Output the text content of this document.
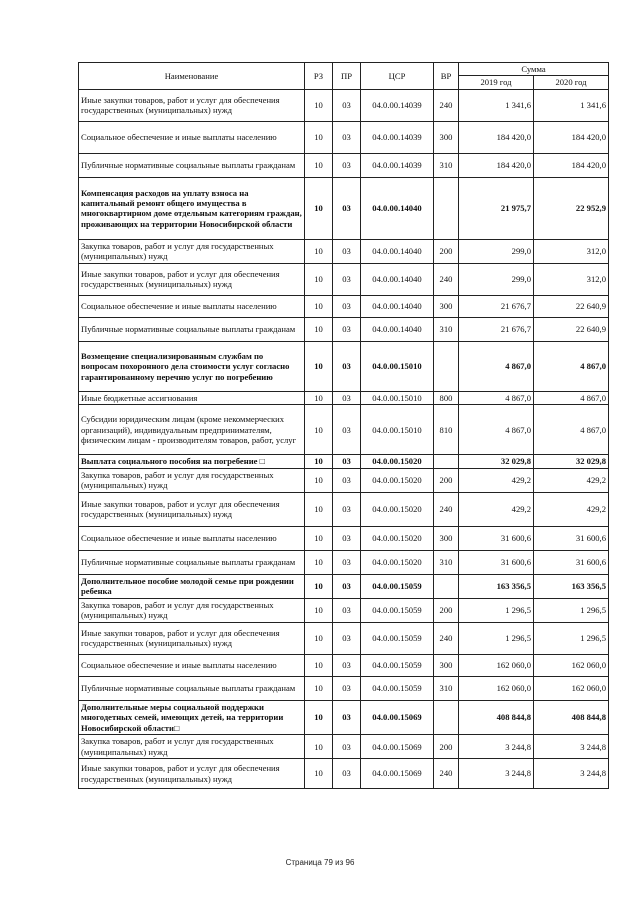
Наименование	РЗ	ПР	ЦСР	ВР	Сумма	
					2019 год	2020 год
Иные закупки товаров, работ и услуг для обеспечения государственных (муниципальных) нужд	10	03	04.0.00.14039	240	1 341,6	1 341,6
Социальное обеспечение и иные выплаты населению	10	03	04.0.00.14039	300	184 420,0	184 420,0
Публичные нормативные социальные выплаты гражданам	10	03	04.0.00.14039	310	184 420,0	184 420,0
Компенсация расходов на уплату взноса на капитальный ремонт общего имущества в многоквартирном доме отдельным категориям граждан, проживающих на территории Новосибирской области	10	03	04.0.00.14040		21 975,7	22 952,9
Закупка товаров, работ и услуг для государственных (муниципальных) нужд	10	03	04.0.00.14040	200	299,0	312,0
Иные закупки товаров, работ и услуг для обеспечения государственных (муниципальных) нужд	10	03	04.0.00.14040	240	299,0	312,0
Социальное обеспечение и иные выплаты населению	10	03	04.0.00.14040	300	21 676,7	22 640,9
Публичные нормативные социальные выплаты гражданам	10	03	04.0.00.14040	310	21 676,7	22 640,9
Возмещение специализированным службам по вопросам похоронного дела стоимости услуг согласно гарантированному перечню услуг по погребению	10	03	04.0.00.15010		4 867,0	4 867,0
Иные бюджетные ассигнования	10	03	04.0.00.15010	800	4 867,0	4 867,0
Субсидии юридическим лицам (кроме некоммерческих организаций), индивидуальным предпринимателям, физическим лицам - производителям товаров, работ, услуг	10	03	04.0.00.15010	810	4 867,0	4 867,0
Выплата социального пособия на погребение □	10	03	04.0.00.15020		32 029,8	32 029,8
Закупка товаров, работ и услуг для государственных (муниципальных) нужд	10	03	04.0.00.15020	200	429,2	429,2
Иные закупки товаров, работ и услуг для обеспечения государственных (муниципальных) нужд	10	03	04.0.00.15020	240	429,2	429,2
Социальное обеспечение и иные выплаты населению	10	03	04.0.00.15020	300	31 600,6	31 600,6
Публичные нормативные социальные выплаты гражданам	10	03	04.0.00.15020	310	31 600,6	31 600,6
Дополнительное пособие молодой семье при рождении ребенка	10	03	04.0.00.15059		163 356,5	163 356,5
Закупка товаров, работ и услуг для государственных (муниципальных) нужд	10	03	04.0.00.15059	200	1 296,5	1 296,5
Иные закупки товаров, работ и услуг для обеспечения государственных (муниципальных) нужд	10	03	04.0.00.15059	240	1 296,5	1 296,5
Социальное обеспечение и иные выплаты населению	10	03	04.0.00.15059	300	162 060,0	162 060,0
Публичные нормативные социальные выплаты гражданам	10	03	04.0.00.15059	310	162 060,0	162 060,0
Дополнительные меры социальной поддержки многодетных семей, имеющих детей, на территории Новосибирской области□	10	03	04.0.00.15069		408 844,8	408 844,8
Закупка товаров, работ и услуг для государственных (муниципальных) нужд	10	03	04.0.00.15069	200	3 244,8	3 244,8
Иные закупки товаров, работ и услуг для обеспечения государственных (муниципальных) нужд	10	03	04.0.00.15069	240	3 244,8	3 244,8
Страница 79 из 96
